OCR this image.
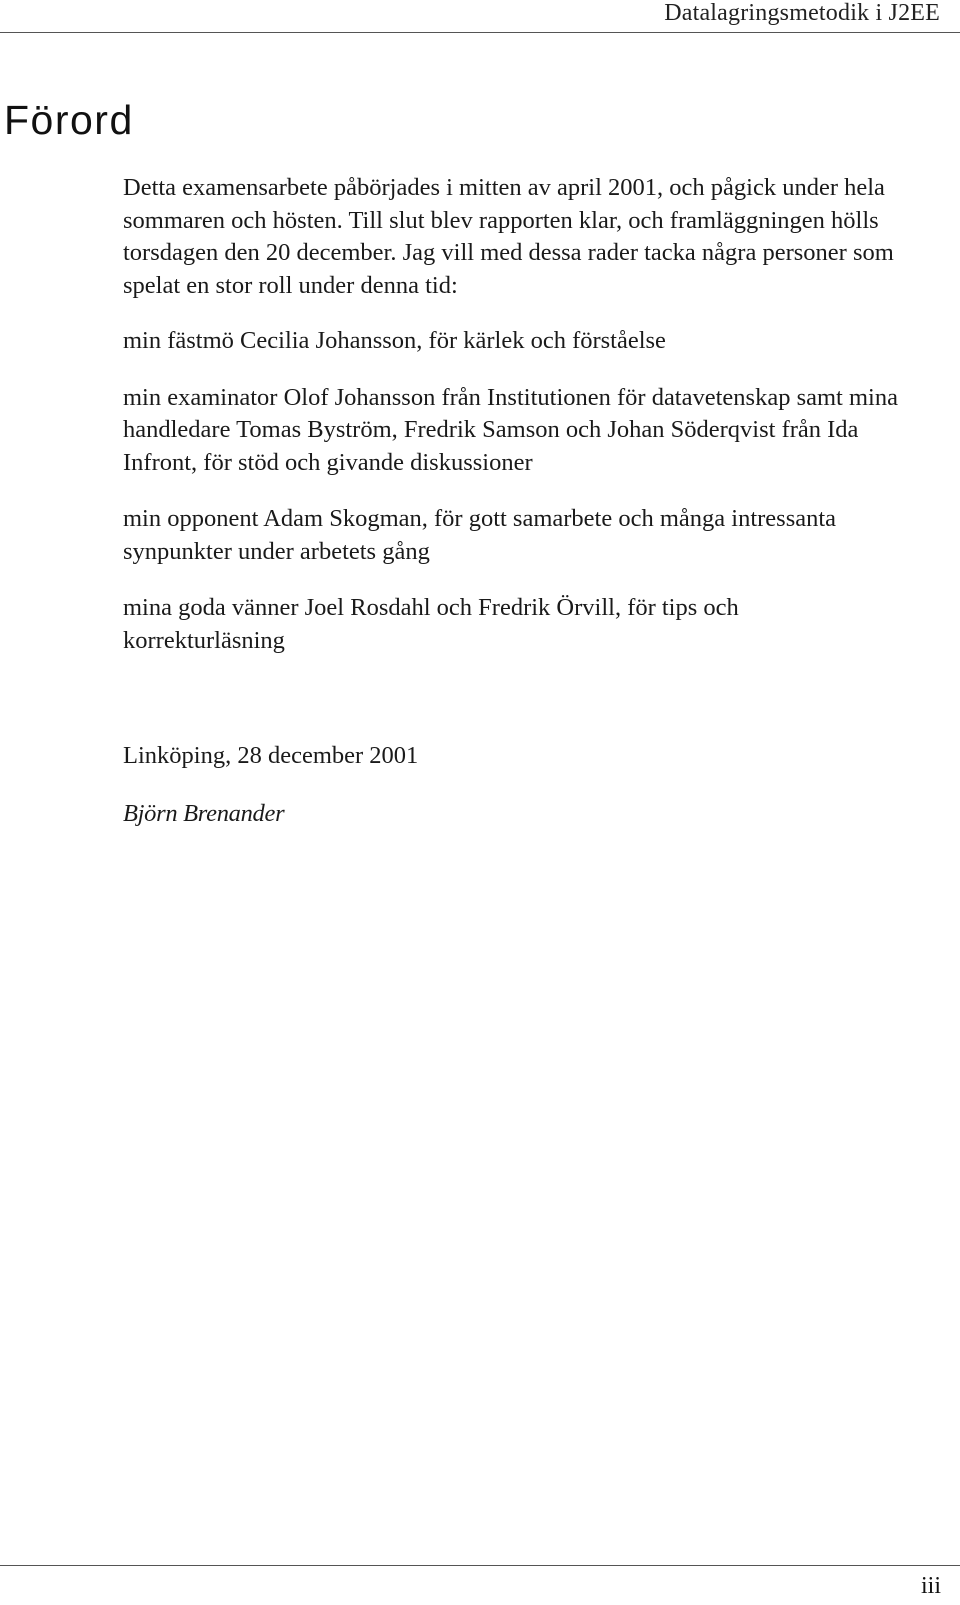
Datalagringsmetodik i J2EE
Förord

Detta examensarbete påbörjades i mitten av april 2001, och pågick under hela sommaren och hösten. Till slut blev rapporten klar, och framläggningen hölls torsdagen den 20 december. Jag vill med dessa rader tacka några personer som spelat en stor roll under denna tid:

min fästmö Cecilia Johansson, för kärlek och förståelse

min examinator Olof Johansson från Institutionen för datavetenskap samt mina handledare Tomas Byström, Fredrik Samson och Johan Söderqvist från Ida Infront, för stöd och givande diskussioner

min opponent Adam Skogman, för gott samarbete och många intressanta synpunkter under arbetets gång

mina goda vänner Joel Rosdahl och Fredrik Örvill, för tips och korrekturläsning

Linköping, 28 december 2001
Björn Brenander
iii
